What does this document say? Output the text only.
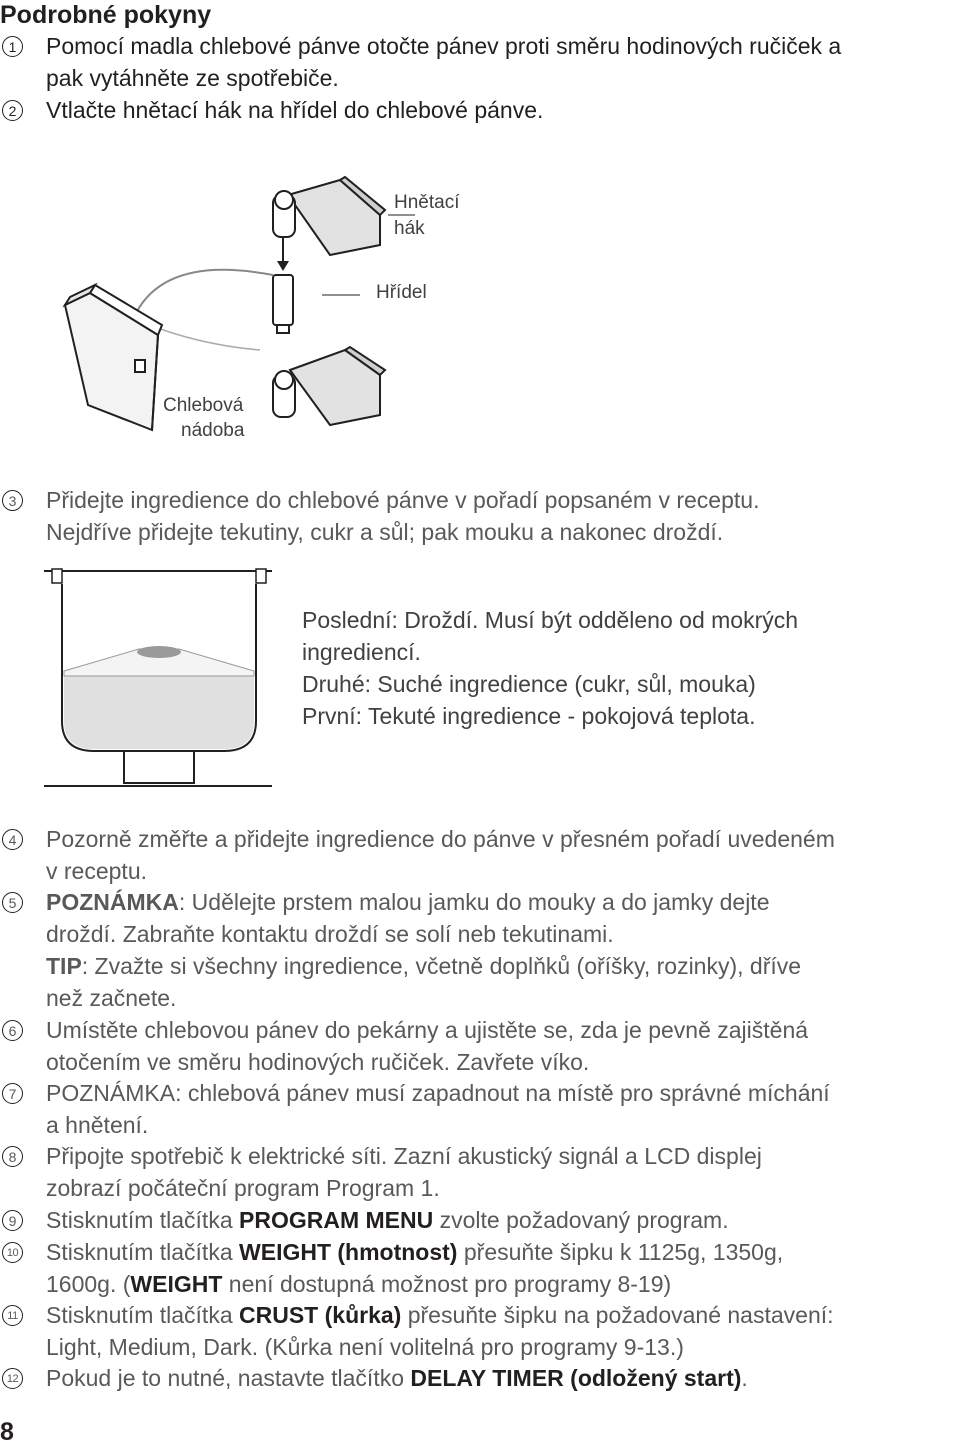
Podrobné pokyny
1 Pomocí madla chlebové pánve otočte pánev proti směru hodinových ručiček a
pak vytáhněte ze spotřebiče.
2 Vtlačte hnětací hák na hřídel do chlebové pánve.
Hnětací
hák
Hřídel
Chlebová
nádoba
3 Přidejte ingredience do chlebové pánve v pořadí popsaném v receptu.
Nejdříve přidejte tekutiny, cukr a sůl; pak mouku a nakonec droždí.
Poslední: Droždí. Musí být odděleno od mokrých
ingrediencí.
Druhé: Suché ingredience (cukr, sůl, mouka)
První: Tekuté ingredience - pokojová teplota.
4 Pozorně změřte a přidejte ingredience do pánve v přesném pořadí uvedeném
v receptu.
5 POZNÁMKA: Udělejte prstem malou jamku do mouky a do jamky dejte
droždí. Zabraňte kontaktu droždí se solí neb tekutinami.
TIP: Zvažte si všechny ingredience, včetně doplňků (oříšky, rozinky), dříve
než začnete.
6 Umístěte chlebovou pánev do pekárny a ujistěte se, zda je pevně zajištěná
otočením ve směru hodinových ručiček. Zavřete víko.
7 POZNÁMKA: chlebová pánev musí zapadnout na místě pro správné míchání
a hnětení.
8 Připojte spotřebič k elektrické síti. Zazní akustický signál a LCD displej
zobrazí počáteční program Program 1.
9 Stisknutím tlačítka PROGRAM MENU zvolte požadovaný program.
10 Stisknutím tlačítka WEIGHT (hmotnost) přesuňte šipku k 1125g, 1350g,
1600g. (WEIGHT není dostupná možnost pro programy 8-19)
11 Stisknutím tlačítka CRUST (kůrka) přesuňte šipku na požadované nastavení:
Light, Medium, Dark. (Kůrka není volitelná pro programy 9-13.)
12 Pokud je to nutné, nastavte tlačítko DELAY TIMER (odložený start).
8
